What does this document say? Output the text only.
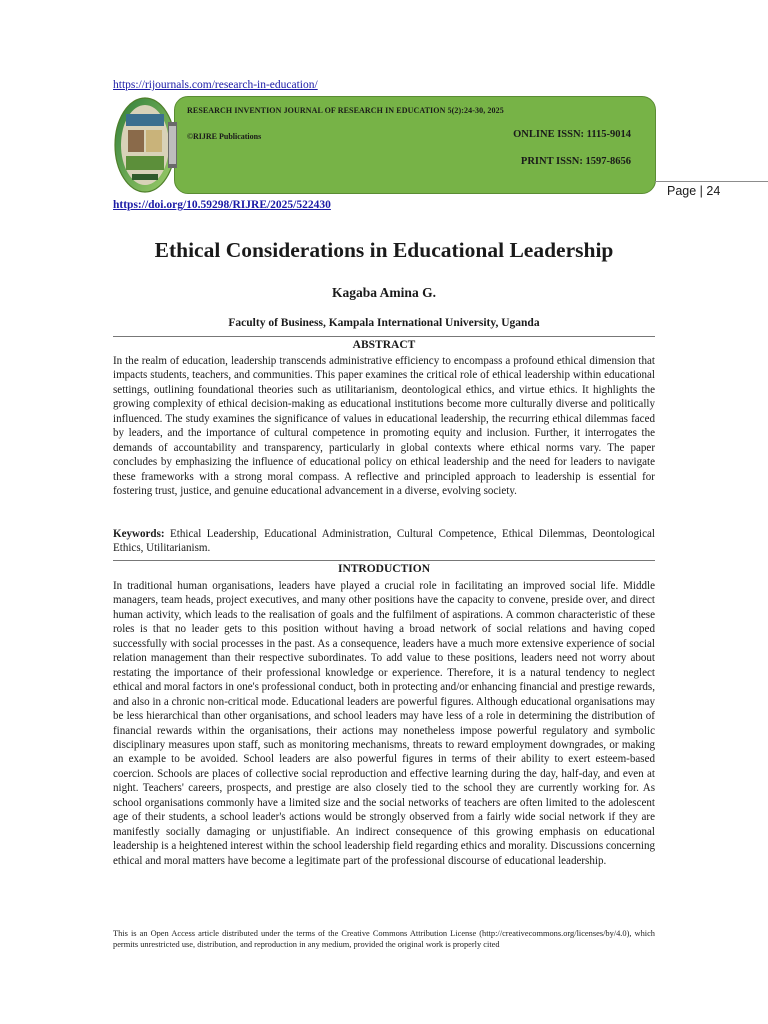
https://rijournals.com/research-in-education/
RESEARCH INVENTION JOURNAL OF RESEARCH IN EDUCATION 5(2):24-30, 2025
©RIJRE Publications	ONLINE ISSN: 1115-9014
PRINT ISSN: 1597-8656
Page | 24
https://doi.org/10.59298/RIJRE/2025/522430
Ethical Considerations in Educational Leadership
Kagaba Amina G.
Faculty of Business, Kampala International University, Uganda
ABSTRACT

In the realm of education, leadership transcends administrative efficiency to encompass a profound ethical dimension that impacts students, teachers, and communities. This paper examines the critical role of ethical leadership within educational settings, outlining foundational theories such as utilitarianism, deontological ethics, and virtue ethics. It highlights the growing complexity of ethical decision-making as educational institutions become more culturally diverse and politically influenced. The study examines the significance of values in educational leadership, the recurring ethical dilemmas faced by leaders, and the importance of cultural competence in promoting equity and inclusion. Further, it interrogates the demands of accountability and transparency, particularly in global contexts where ethical norms vary. The paper concludes by emphasizing the influence of educational policy on ethical leadership and the need for leaders to navigate these frameworks with a strong moral compass. A reflective and principled approach to leadership is essential for fostering trust, justice, and genuine educational advancement in a diverse, evolving society.

Keywords: Ethical Leadership, Educational Administration, Cultural Competence, Ethical Dilemmas, Deontological Ethics, Utilitarianism.

INTRODUCTION

In traditional human organisations, leaders have played a crucial role in facilitating an improved social life. Middle managers, team heads, project executives, and many other positions have the capacity to convene, preside over, and direct human activity, which leads to the realisation of goals and the fulfilment of aspirations. A common characteristic of these roles is that no leader gets to this position without having a broad network of social relations and having coped successfully with social processes in the past. As a consequence, leaders have a much more extensive experience of social relation management than their respective subordinates. To add value to these positions, leaders need not worry about restating the importance of their professional knowledge or experience. Therefore, it is a natural tendency to neglect ethical and moral factors in one's professional conduct, both in protecting and/or enhancing financial and prestige rewards, and also in a chronic non-critical mode. Educational leaders are powerful figures. Although educational organisations may be less hierarchical than other organisations, and school leaders may have less of a role in determining the distribution of financial rewards within the organisations, their actions may nonetheless impose powerful regulatory and symbolic disciplinary measures upon staff, such as monitoring mechanisms, threats to reward employment downgrades, or making an example to be avoided. School leaders are also powerful figures in terms of their ability to exert esteem-based coercion. Schools are places of collective social reproduction and effective learning during the day, half-day, and even at night. Teachers' careers, prospects, and prestige are also closely tied to the school they are currently working for. As school organisations commonly have a limited size and the social networks of teachers are often limited to the adolescent age of their students, a school leader's actions would be strongly observed from a fairly wide social network if they are manifestly socially damaging or unjustifiable. An indirect consequence of this growing emphasis on educational leadership is a heightened interest within the school leadership field regarding ethics and morality. Discussions concerning ethical and moral matters have become a legitimate part of the professional discourse of educational leadership.

This is an Open Access article distributed under the terms of the Creative Commons Attribution License (http://creativecommons.org/licenses/by/4.0), which permits unrestricted use, distribution, and reproduction in any medium, provided the original work is properly cited
